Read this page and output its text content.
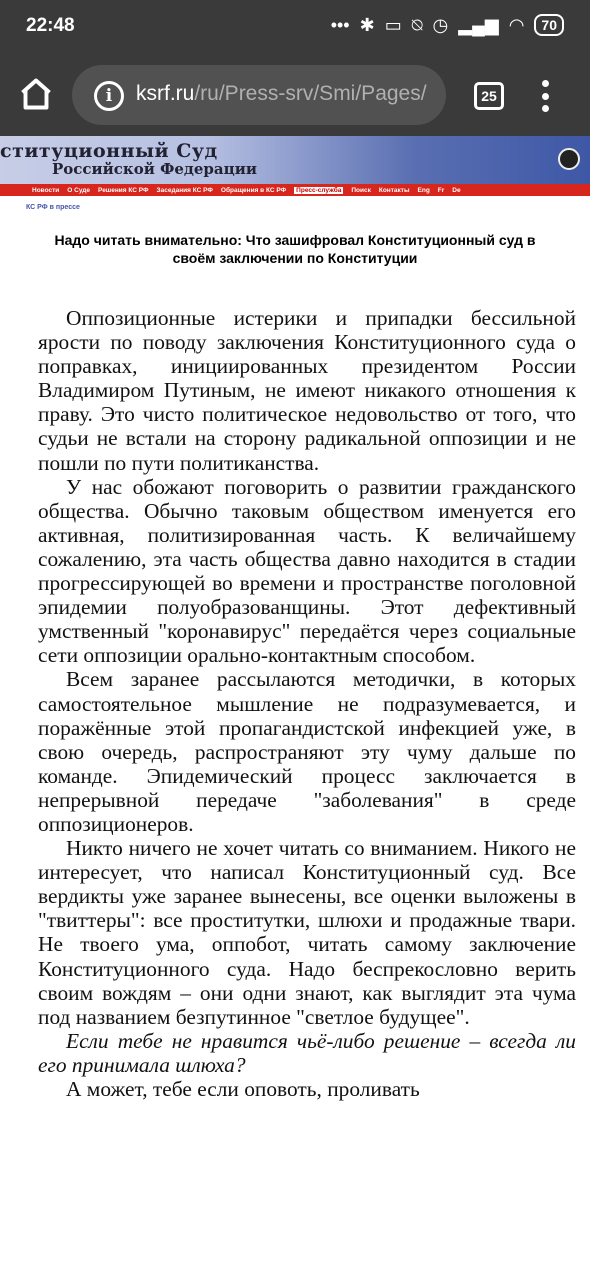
22:48	••• ✱ ▭ ⍉ ◷ ▂▄▆ ◠	70
i	ksrf.ru/ru/Press-srv/Smi/Pages/	25
ституционный Суд
Российской Федерации
Новости О Суде Решения КС РФ Заседания КС РФ Обращения в КС РФ	Пресс-служба	Поиск Контакты Eng Fr De
КС РФ в прессе
Надо читать внимательно: Что зашифровал Конституционный суд в своём заключении по Конституции

Оппозиционные истерики и припадки бессильной ярости по поводу заключения Конституционного суда о поправках, инициированных президентом России Владимиром Путиным, не имеют никакого отношения к праву. Это чисто политическое недовольство от того, что судьи не встали на сторону радикальной оппозиции и не пошли по пути политиканства.

У нас обожают поговорить о развитии гражданского общества. Обычно таковым обществом именуется его активная, политизированная часть. К величайшему сожалению, эта часть общества давно находится в стадии прогрессирующей во времени и пространстве поголовной эпидемии полуобразованщины. Этот дефективный умственный "коронавирус" передаётся через социальные сети оппозиции орально-контактным способом.

Всем заранее рассылаются методички, в которых самостоятельное мышление не подразумевается, и поражённые этой пропагандистской инфекцией уже, в свою очередь, распространяют эту чуму дальше по команде. Эпидемический процесс заключается в непрерывной передаче "заболевания" в среде оппозиционеров.

Никто ничего не хочет читать со вниманием. Никого не интересует, что написал Конституционный суд. Все вердикты уже заранее вынесены, все оценки выложены в "твиттеры": все проститутки, шлюхи и продажные твари. Не твоего ума, оппобот, читать самому заключение Конституционного суда. Надо беспрекословно верить своим вождям – они одни знают, как выглядит эта чума под названием безпутинное "светлое будущее".

Если тебе не нравится чьё-либо решение – всегда ли его принимала шлюха?

А может, тебе если оповоть, проливать
